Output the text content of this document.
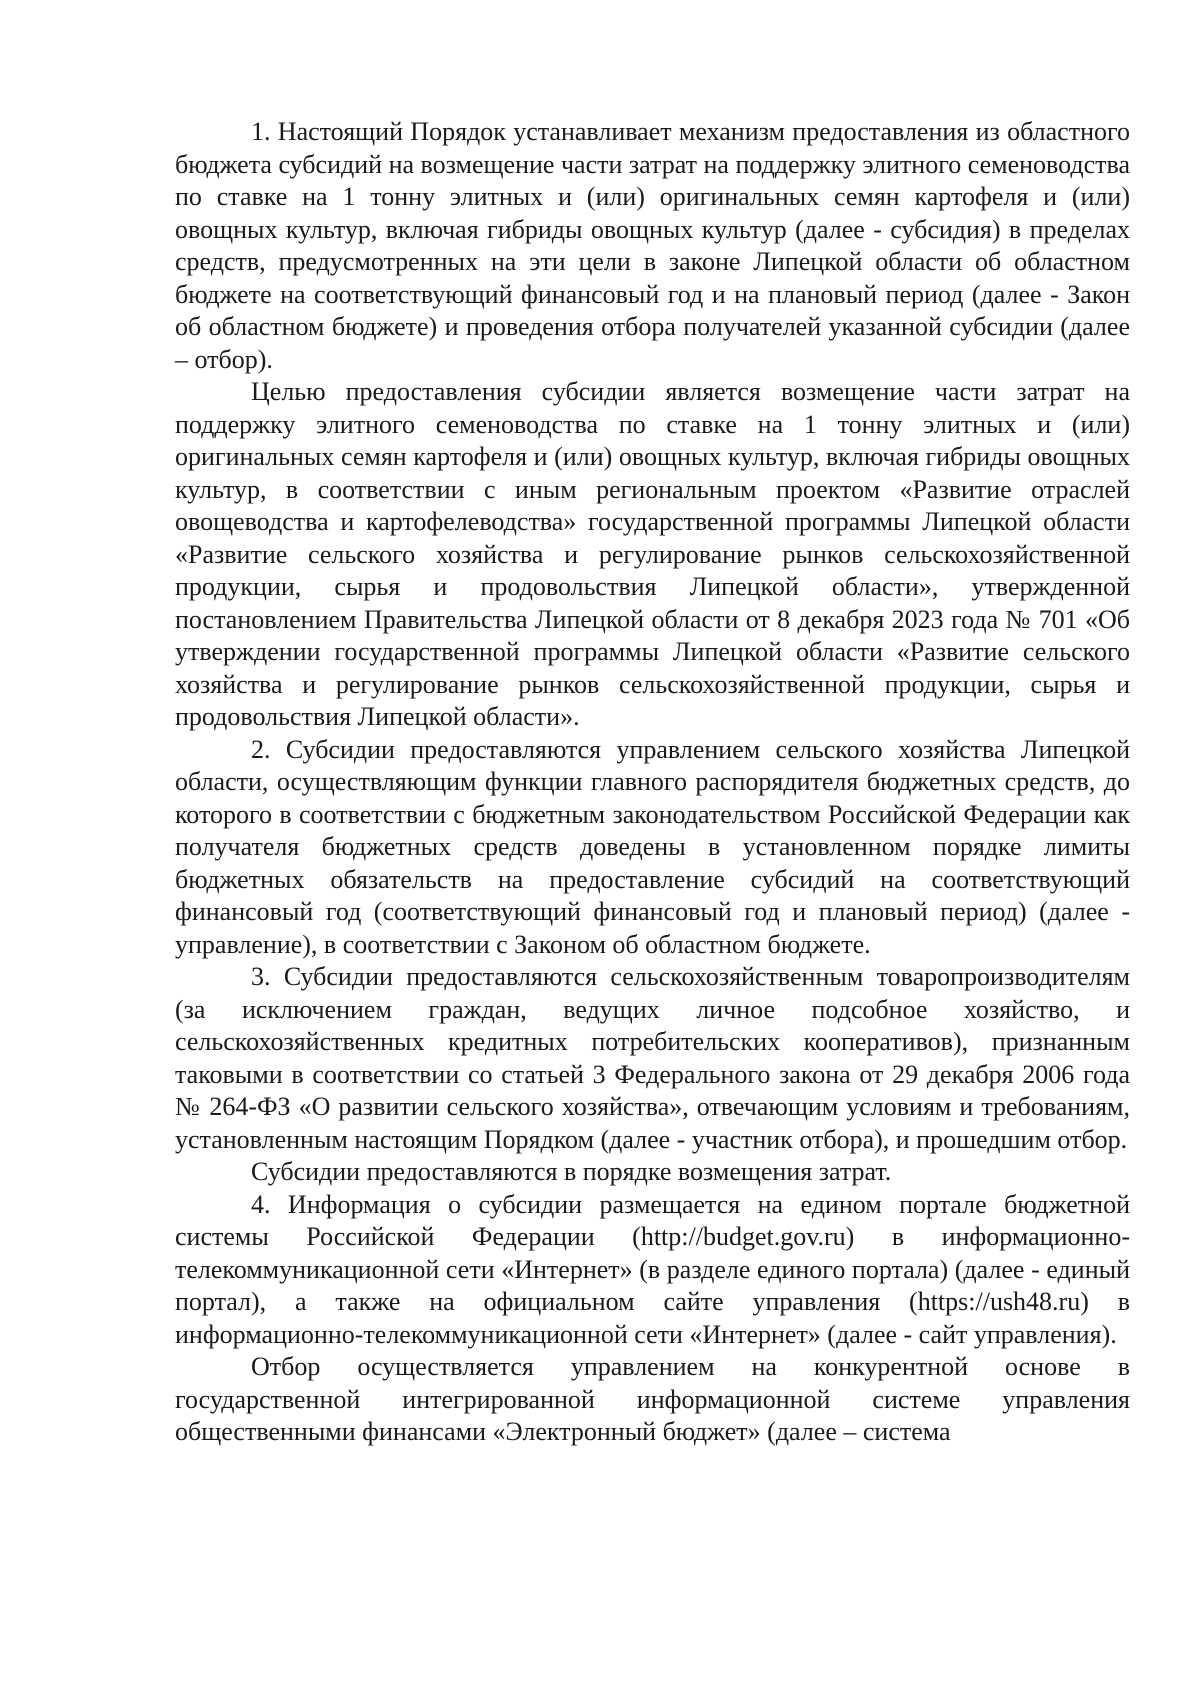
1. Настоящий Порядок устанавливает механизм предоставления из областного бюджета субсидий на возмещение части затрат на поддержку элитного семеноводства по ставке на 1 тонну элитных и (или) оригинальных семян картофеля и (или) овощных культур, включая гибриды овощных культур (далее - субсидия) в пределах средств, предусмотренных на эти цели в законе Липецкой области об областном бюджете на соответствующий финансовый год и на плановый период (далее - Закон об областном бюджете) и проведения отбора получателей указанной субсидии (далее – отбор).

Целью предоставления субсидии является возмещение части затрат на поддержку элитного семеноводства по ставке на 1 тонну элитных и (или) оригинальных семян картофеля и (или) овощных культур, включая гибриды овощных культур, в соответствии с иным региональным проектом «Развитие отраслей овощеводства и картофелеводства» государственной программы Липецкой области «Развитие сельского хозяйства и регулирование рынков сельскохозяйственной продукции, сырья и продовольствия Липецкой области», утвержденной постановлением Правительства Липецкой области от 8 декабря 2023 года № 701 «Об утверждении государственной программы Липецкой области «Развитие сельского хозяйства и регулирование рынков сельскохозяйственной продукции, сырья и продовольствия Липецкой области».

2. Субсидии предоставляются управлением сельского хозяйства Липецкой области, осуществляющим функции главного распорядителя бюджетных средств, до которого в соответствии с бюджетным законодательством Российской Федерации как получателя бюджетных средств доведены в установленном порядке лимиты бюджетных обязательств на предоставление субсидий на соответствующий финансовый год (соответствующий финансовый год и плановый период) (далее - управление), в соответствии с Законом об областном бюджете.

3. Субсидии предоставляются сельскохозяйственным товаропроизводителям (за исключением граждан, ведущих личное подсобное хозяйство, и сельскохозяйственных кредитных потребительских кооперативов), признанным таковыми в соответствии со статьей 3 Федерального закона от 29 декабря 2006 года № 264-ФЗ «О развитии сельского хозяйства», отвечающим условиям и требованиям, установленным настоящим Порядком (далее - участник отбора), и прошедшим отбор.

Субсидии предоставляются в порядке возмещения затрат.

4. Информация о субсидии размещается на едином портале бюджетной системы Российской Федерации (http://budget.gov.ru) в информационно-телекоммуникационной сети «Интернет» (в разделе единого портала) (далее - единый портал), а также на официальном сайте управления (https://ush48.ru) в информационно-телекоммуникационной сети «Интернет» (далее - сайт управления).

Отбор осуществляется управлением на конкурентной основе в государственной интегрированной информационной системе управления общественными финансами «Электронный бюджет» (далее – система
